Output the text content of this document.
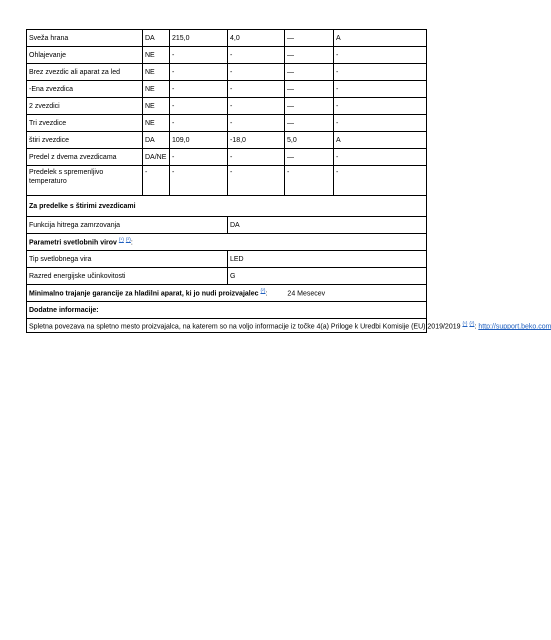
Sveža hrana	DA	215,0	4,0	—	A
Ohlajevanje	NE	-	-	—	-
Brez zvezdic ali aparat za led	NE	-	-	—	-
-Ena zvezdica	NE	-	-	—	-
2 zvezdici	NE	-	-	—	-
Tri zvezdice	NE	-	-	—	-
štiri zvezdice	DA	109,0	-18,0	5,0	A
Predel z dvema zvezdicama	DA/NE	-	-	—	-
Predelek s spremenljivo temperaturo	-	-	-	-	-
Za predelke s štirimi zvezdicami					
Funkcija hitrega zamrzovanja			DA		
Parametri svetlobnih virov $^{(^1)}$ $^{(^2)}$:					
Tip svetlobnega vira			LED		
Razred energijske učinkovitosti			G		
Minimalno trajanje garancije za hladilni aparat, ki jo nudi proizvajalec $^{(^2)}$: 24 Mesecev					
Dodatne informacije:					
Spletna povezava na spletno mesto proizvajalca, na katerem so na voljo informacije iz točke 4(a) Priloge k Uredbi Komisije (EU) 2019/2019 $^{(^1)}$ $^{(^2)}$: http://support.beko.com					
